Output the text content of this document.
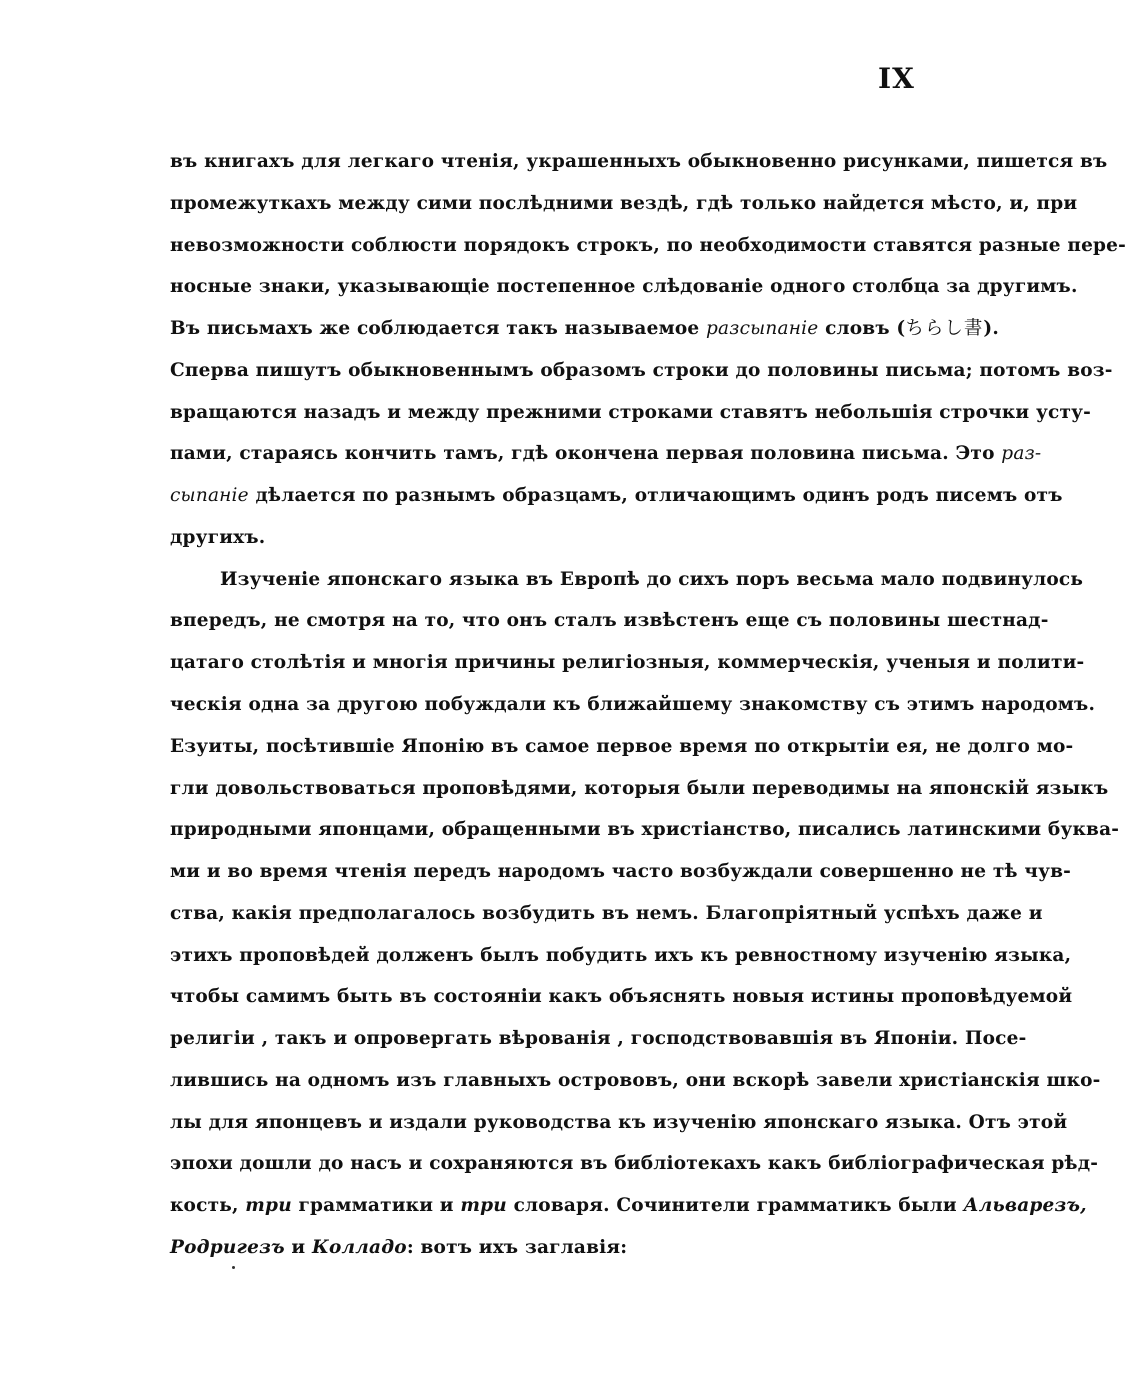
IX
въ книгахъ для легкаго чтенія, украшенныхъ обыкновенно рисунками, пишется въ
промежуткахъ между сими послѣдними вездѣ, гдѣ только найдется мѣсто, и, при
невозможности соблюсти порядокъ строкъ, по необходимости ставятся разные пере-
носные знаки, указывающіе постепенное слѣдованіе одного столбца за другимъ.
Въ письмахъ же соблюдается такъ называемое разсыпаніе словъ (ちらし書).
Сперва пишутъ обыкновеннымъ образомъ строки до половины письма; потомъ воз-
вращаются назадъ и между прежними строками ставятъ небольшія строчки усту-
пами, стараясь кончить тамъ, гдѣ окончена первая половина письма. Это раз-
сыпаніе дѣлается по разнымъ образцамъ, отличающимъ одинъ родъ писемъ отъ
другихъ.
Изученіе японскаго языка въ Европѣ до сихъ поръ весьма мало подвинулось
впередъ, не смотря на то, что онъ сталъ извѣстенъ еще съ половины шестнад-
цатаго столѣтія и многія причины религіозныя, коммерческія, ученыя и полити-
ческія одна за другою побуждали къ ближайшему знакомству съ этимъ народомъ.
Езуиты, посѣтившіе Японію въ самое первое время по открытіи ея, не долго мо-
гли довольствоваться проповѣдями, которыя были переводимы на японскій языкъ
природными японцами, обращенными въ христіанство, писались латинскими буква-
ми и во время чтенія передъ народомъ часто возбуждали совершенно не тѣ чув-
ства, какія предполагалось возбудить въ немъ. Благопріятный успѣхъ даже и
этихъ проповѣдей долженъ былъ побудить ихъ къ ревностному изученію языка,
чтобы самимъ быть въ состояніи какъ объяснять новыя истины проповѣдуемой
религіи , такъ и опровергать вѣрованія , господствовавшія въ Японіи. Посе-
лившись на одномъ изъ главныхъ острововъ, они вскорѣ завели христіанскія шко-
лы для японцевъ и издали руководства къ изученію японскаго языка. Отъ этой
эпохи дошли до насъ и сохраняются въ библіотекахъ какъ библіографическая рѣд-
кость, три грамматики и три словаря. Сочинители грамматикъ были Альварезъ,
Родригезъ и Колладо: вотъ ихъ заглавія:
